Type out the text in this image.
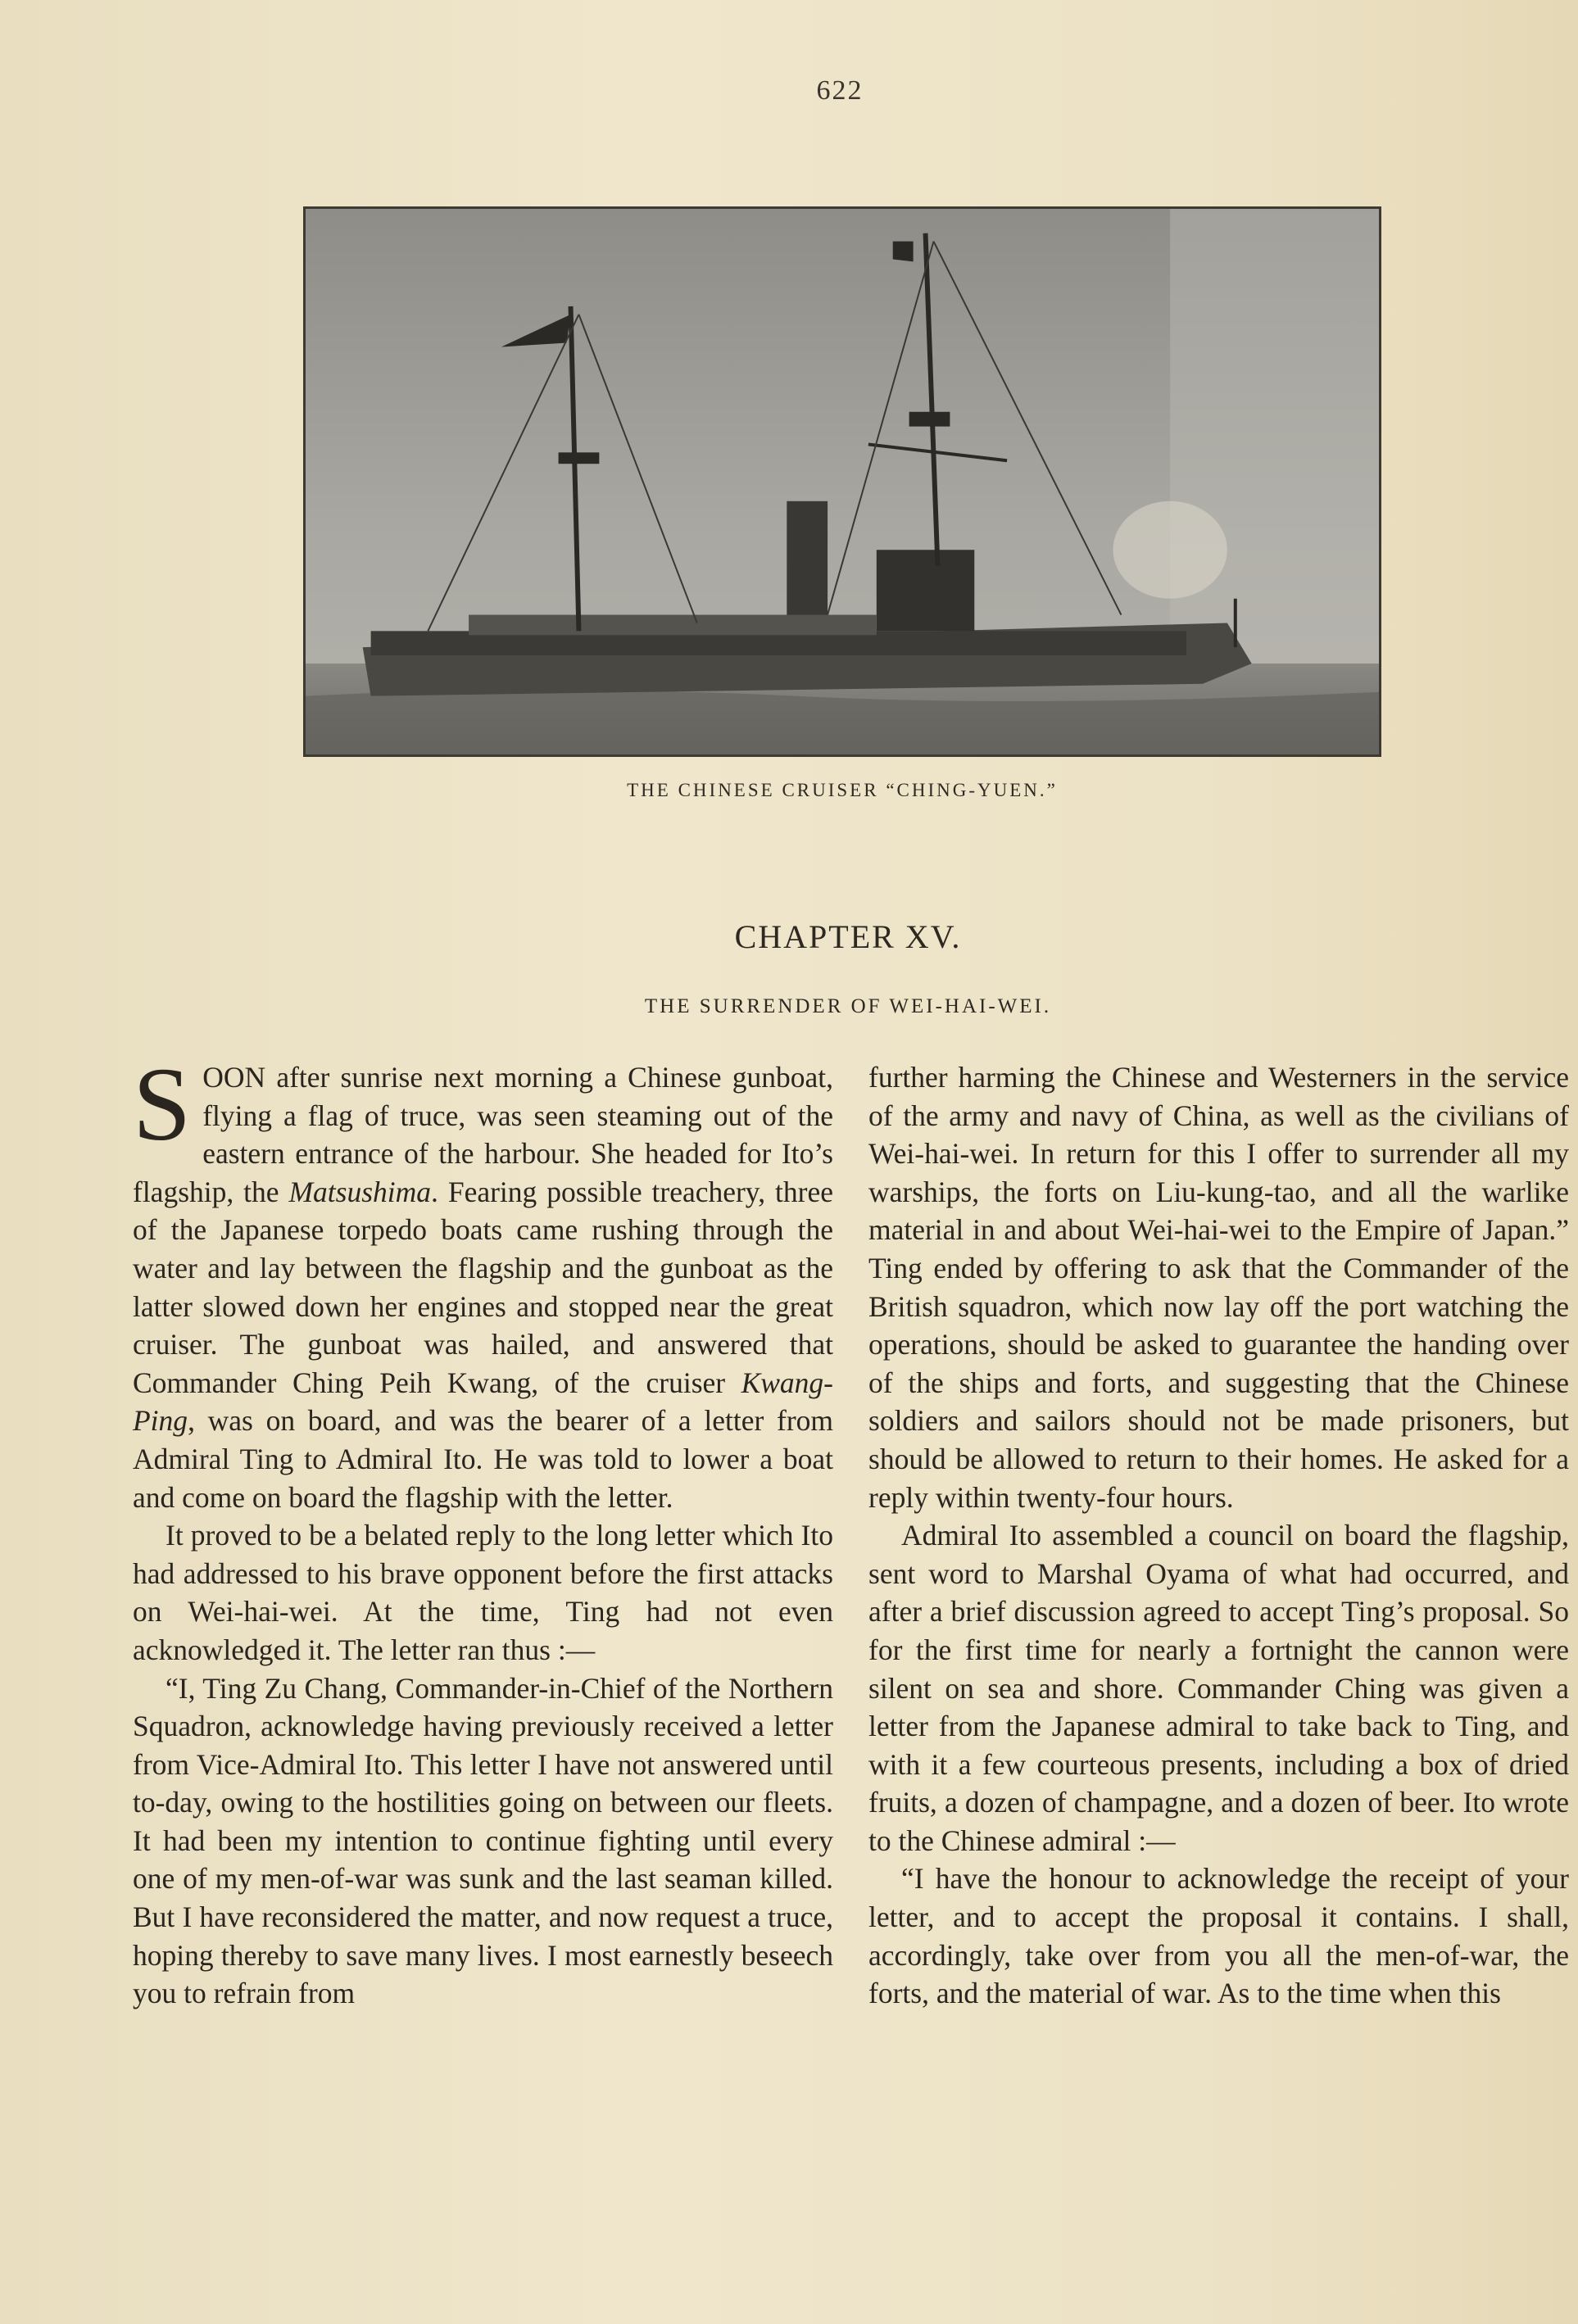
622
THE CHINESE CRUISER “CHING-YUEN.”
CHAPTER XV.
THE SURRENDER OF WEI-HAI-WEI.

SOON after sunrise next morning a Chinese gunboat, flying a flag of truce, was seen steaming out of the eastern entrance of the harbour. She headed for Ito’s flagship, the Matsushima. Fearing possible treachery, three of the Japanese torpedo boats came rushing through the water and lay between the flagship and the gunboat as the latter slowed down her engines and stopped near the great cruiser. The gunboat was hailed, and answered that Commander Ching Peih Kwang, of the cruiser Kwang-Ping, was on board, and was the bearer of a letter from Admiral Ting to Admiral Ito. He was told to lower a boat and come on board the flagship with the letter.

It proved to be a belated reply to the long letter which Ito had addressed to his brave opponent before the first attacks on Wei-hai-wei. At the time, Ting had not even acknowledged it. The letter ran thus :—

“I, Ting Zu Chang, Commander-in-Chief of the Northern Squadron, acknowledge having previously received a letter from Vice-Admiral Ito. This letter I have not answered until to-day, owing to the hostilities going on between our fleets. It had been my intention to continue fighting until every one of my men-of-war was sunk and the last seaman killed. But I have reconsidered the matter, and now request a truce, hoping thereby to save many lives. I most earnestly beseech you to refrain from

further harming the Chinese and Westerners in the service of the army and navy of China, as well as the civilians of Wei-hai-wei. In return for this I offer to surrender all my warships, the forts on Liu-kung-tao, and all the warlike material in and about Wei-hai-wei to the Empire of Japan.” Ting ended by offering to ask that the Commander of the British squadron, which now lay off the port watching the operations, should be asked to guarantee the handing over of the ships and forts, and suggesting that the Chinese soldiers and sailors should not be made prisoners, but should be allowed to return to their homes. He asked for a reply within twenty-four hours.

Admiral Ito assembled a council on board the flagship, sent word to Marshal Oyama of what had occurred, and after a brief discussion agreed to accept Ting’s proposal. So for the first time for nearly a fortnight the cannon were silent on sea and shore. Commander Ching was given a letter from the Japanese admiral to take back to Ting, and with it a few courteous presents, including a box of dried fruits, a dozen of champagne, and a dozen of beer. Ito wrote to the Chinese admiral :—

“I have the honour to acknowledge the receipt of your letter, and to accept the proposal it contains. I shall, accordingly, take over from you all the men-of-war, the forts, and the material of war. As to the time when this
